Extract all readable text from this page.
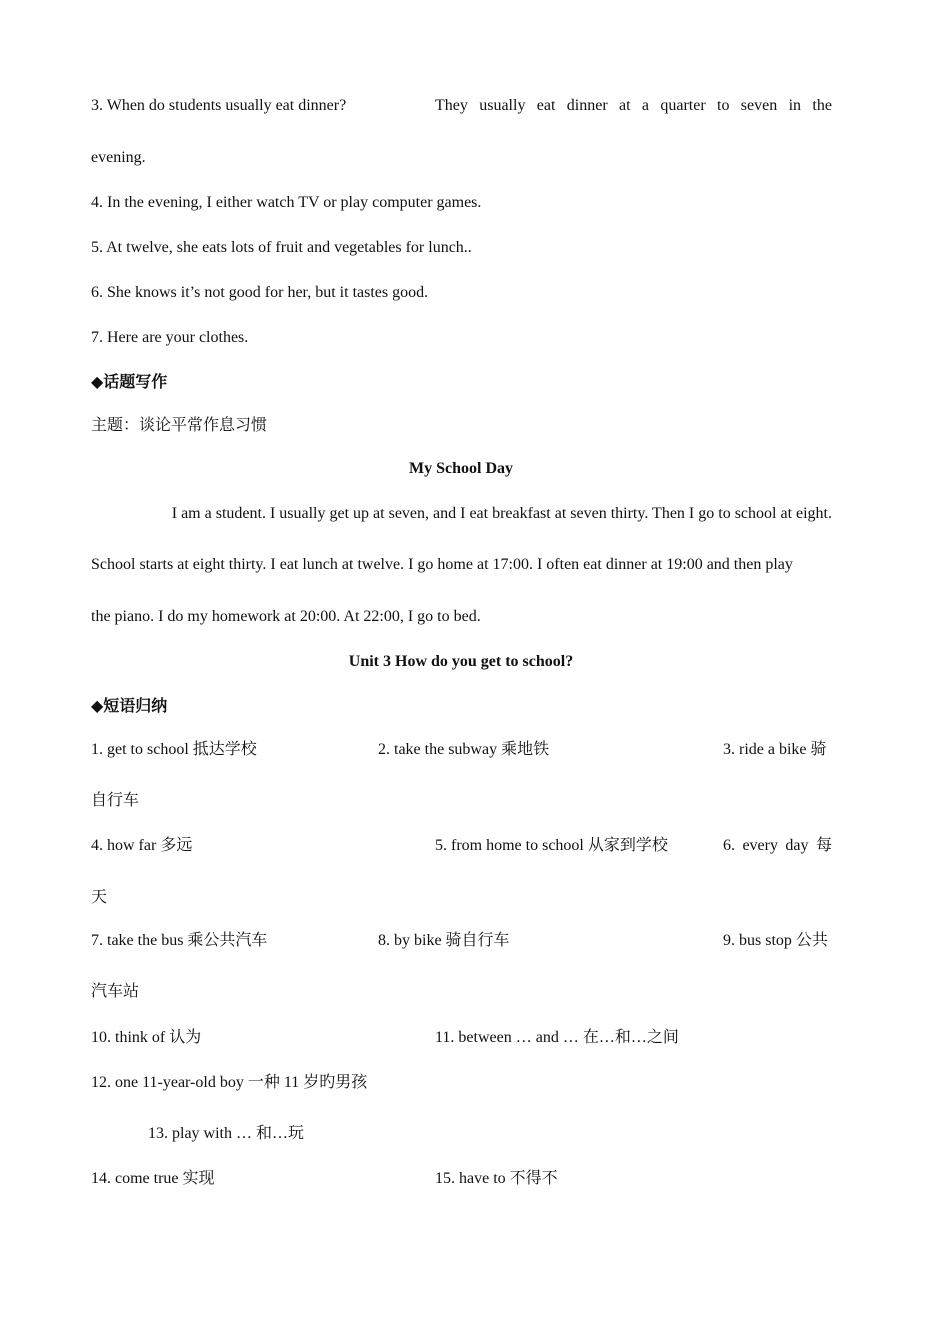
3. When do students usually eat dinner?	They usually eat dinner at a quarter to seven in the
evening.
4. In the evening, I either watch TV or play computer games.
5. At twelve, she eats lots of fruit and vegetables for lunch..
6. She knows it’s not good for her, but it tastes good.
7. Here are your clothes.
◆话题写作
主题：谈论平常作息习惯
My School Day
I am a student. I usually get up at seven, and I eat breakfast at seven thirty. Then I go to school at eight.
School starts at eight thirty. I eat lunch at twelve. I go home at 17:00. I often eat dinner at 19:00 and then play
the piano. I do my homework at 20:00. At 22:00, I go to bed.
Unit 3 How do you get to school?
◆短语归纳
1. get to school 抵达学校	2. take the subway 乘地铁	3. ride a bike 骑
自行车
4. how far 多远	5. from home to school 从家到学校	6. every day 每
天
7. take the bus 乘公共汽车	8. by bike 骑自行车	9. bus stop 公共
汽车站
10. think of 认为	11. between … and … 在…和…之间
12. one 11-year-old boy 一种 11 岁旳男孩
13. play with … 和…玩
14. come true 实现	15. have to 不得不
